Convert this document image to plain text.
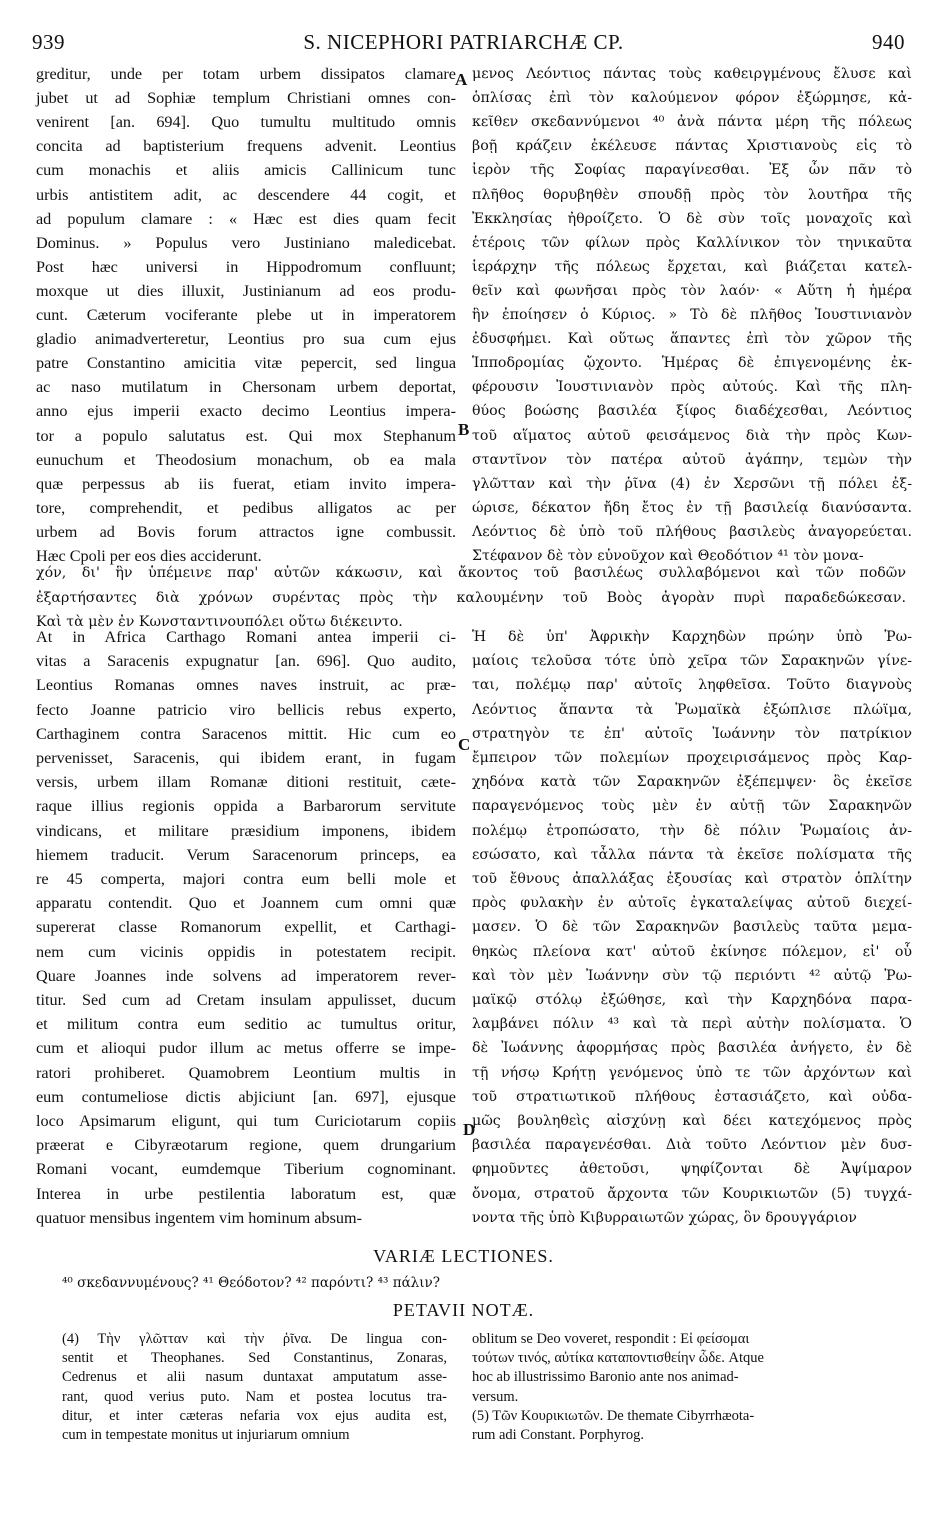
939	S. NICEPHORI PATRIARCHÆ CP.	940
greditur, unde per totam urbem dissipatos clamare
jubet ut ad Sophiæ templum Christiani omnes con-
venirent [an. 694]. Quo tumultu multitudo omnis
concita ad baptisterium frequens advenit. Leontius
cum monachis et aliis amicis Callinicum tunc
urbis antistitem adit, ac descendere 44 cogit, et
ad populum clamare : « Hæc est dies quam fecit
Dominus. » Populus vero Justiniano maledicebat.
Post hæc universi in Hippodromum confluunt;
moxque ut dies illuxit, Justinianum ad eos produ-
cunt. Cæterum vociferante plebe ut in imperatorem
gladio animadverteretur, Leontius pro sua cum ejus
patre Constantino amicitia vitæ pepercit, sed lingua
ac naso mutilatum in Chersonam urbem deportat,
anno ejus imperii exacto decimo Leontius impera-
tor a populo salutatus est. Qui mox Stephanum
eunuchum et Theodosium monachum, ob ea mala
quæ perpessus ab iis fuerat, etiam invito impera-
tore, comprehendit, et pedibus alligatos ac per
urbem ad Bovis forum attractos igne combussit.
Hæc Cpoli per eos dies acciderunt.
μενος Λεόντιος πάντας τοὺς καθειργμένους ἔλυσε καὶ
ὁπλίσας ἐπὶ τὸν καλούμενον φόρον ἐξώρμησε, κἀ-
κεῖθεν σκεδαννύμενοι ⁴⁰ ἀνὰ πάντα μέρη τῆς πόλεως
βοῇ κράζειν ἐκέλευσε πάντας Χριστιανοὺς εἰς τὸ
ἱερὸν τῆς Σοφίας παραγίνεσθαι. Ἐξ ὧν πᾶν τὸ
πλῆθος θορυβηθὲν σπουδῇ πρὸς τὸν λουτῆρα τῆς
Ἐκκλησίας ἠθροίζετο. Ὁ δὲ σὺν τοῖς μοναχοῖς καὶ
ἑτέροις τῶν φίλων πρὸς Καλλίνικον τὸν τηνικαῦτα
ἱεράρχην τῆς πόλεως ἔρχεται, καὶ βιάζεται κατελ-
θεῖν καὶ φωνῆσαι πρὸς τὸν λαόν· « Αὕτη ἡ ἡμέρα
ἣν ἐποίησεν ὁ Κύριος. » Τὸ δὲ πλῆθος Ἰουστινιανὸν
ἐδυσφήμει. Καὶ οὕτως ἅπαντες ἐπὶ τὸν χῶρον τῆς
Ἱπποδρομίας ᾤχοντο. Ἡμέρας δὲ ἐπιγενομένης ἐκ-
φέρουσιν Ἰουστινιανὸν πρὸς αὐτούς. Καὶ τῆς πλη-
θύος βοώσης βασιλέα ξίφος διαδέχεσθαι, Λεόντιος
τοῦ αἵματος αὐτοῦ φεισάμενος διὰ τὴν πρὸς Κων-
σταντῖνον τὸν πατέρα αὐτοῦ ἀγάπην, τεμὼν τὴν
γλῶτταν καὶ τὴν ῥῖνα (4) ἐν Χερσῶνι τῇ πόλει ἐξ-
ώρισε, δέκατον ἤδη ἔτος ἐν τῇ βασιλείᾳ διανύσαντα.
Λεόντιος δὲ ὑπὸ τοῦ πλήθους βασιλεὺς ἀναγορεύεται.
Στέφανον δὲ τὸν εὐνοῦχον καὶ Θεοδότιον ⁴¹ τὸν μονα-
χόν, δι' ἣν ὑπέμεινε παρ' αὐτῶν κάκωσιν, καὶ ἄκοντος τοῦ βασιλέως συλλαβόμενοι καὶ τῶν ποδῶν
ἐξαρτήσαντες διὰ χρόνων συρέντας πρὸς τὴν καλουμένην τοῦ Βοὸς ἀγορὰν πυρὶ παραδεδώκεσαν.
Καὶ τὰ μὲν ἐν Κωνσταντινουπόλει οὕτω διέκειντο.
At in Africa Carthago Romani antea imperii ci-
vitas a Saracenis expugnatur [an. 696]. Quo audito,
Leontius Romanas omnes naves instruit, ac præ-
fecto Joanne patricio viro bellicis rebus experto,
Carthaginem contra Saracenos mittit. Hic cum eo
pervenisset, Saracenis, qui ibidem erant, in fugam
versis, urbem illam Romanæ ditioni restituit, cæte-
raque illius regionis oppida a Barbarorum servitute
vindicans, et militare præsidium imponens, ibidem
hiemem traducit. Verum Saracenorum princeps, ea
re 45 comperta, majori contra eum belli mole et
apparatu contendit. Quo et Joannem cum omni quæ
supererat classe Romanorum expellit, et Carthagi-
nem cum vicinis oppidis in potestatem recipit.
Quare Joannes inde solvens ad imperatorem rever-
titur. Sed cum ad Cretam insulam appulisset, ducum
et militum contra eum seditio ac tumultus oritur,
cum et alioqui pudor illum ac metus offerre se impe-
ratori prohiberet. Quamobrem Leontium multis in
eum contumeliose dictis abjiciunt [an. 697], ejusque
loco Apsimarum eligunt, qui tum Curiciotarum copiis
præerat e Cibyræotarum regione, quem drungarium
Romani vocant, eumdemque Tiberium cognominant.
Interea in urbe pestilentia laboratum est, quæ
quatuor mensibus ingentem vim hominum absum-
Ἡ δὲ ὑπ' Ἀφρικὴν Καρχηδὼν πρώην ὑπὸ Ῥω-
μαίοις τελοῦσα τότε ὑπὸ χεῖρα τῶν Σαρακηνῶν γίνε-
ται, πολέμῳ παρ' αὐτοῖς ληφθεῖσα. Τοῦτο διαγνοὺς
Λεόντιος ἅπαντα τὰ Ῥωμαϊκὰ ἐξώπλισε πλώϊμα,
στρατηγὸν τε ἐπ' αὐτοῖς Ἰωάννην τὸν πατρίκιον
ἔμπειρον τῶν πολεμίων προχειρισάμενος πρὸς Καρ-
χηδόνα κατὰ τῶν Σαρακηνῶν ἐξέπεμψεν· ὃς ἐκεῖσε
παραγενόμενος τοὺς μὲν ἐν αὐτῇ τῶν Σαρακηνῶν
πολέμῳ ἐτροπώσατο, τὴν δὲ πόλιν Ῥωμαίοις ἀν-
εσώσατο, καὶ τἆλλα πάντα τὰ ἐκεῖσε πολίσματα τῆς
τοῦ ἔθνους ἀπαλλάξας ἐξουσίας καὶ στρατὸν ὁπλίτην
πρὸς φυλακὴν ἐν αὐτοῖς ἐγκαταλείψας αὐτοῦ διεχεί-
μασεν. Ὁ δὲ τῶν Σαρακηνῶν βασιλεὺς ταῦτα μεμα-
θηκὼς πλείονα κατ' αὐτοῦ ἐκίνησε πόλεμον, εἰ' οὗ
καὶ τὸν μὲν Ἰωάννην σὺν τῷ περιόντι ⁴² αὐτῷ Ῥω-
μαϊκῷ στόλῳ ἐξώθησε, καὶ τὴν Καρχηδόνα παρα-
λαμβάνει πόλιν ⁴³ καὶ τὰ περὶ αὐτὴν πολίσματα. Ὁ
δὲ Ἰωάννης ἀφορμήσας πρὸς βασιλέα ἀνήγετο, ἐν δὲ
τῇ νήσῳ Κρήτῃ γενόμενος ὑπὸ τε τῶν ἀρχόντων καὶ
τοῦ στρατιωτικοῦ πλήθους ἐστασιάζετο, καὶ οὐδα-
μῶς βουληθεὶς αἰσχύνῃ καὶ δέει κατεχόμενος πρὸς
βασιλέα παραγενέσθαι. Διὰ τοῦτο Λεόντιον μὲν δυσ-
φημοῦντες ἀθετοῦσι, ψηφίζονται δὲ Ἀψίμαρον
ὄνομα, στρατοῦ ἄρχοντα τῶν Κουρικιωτῶν (5) τυγχά-
νοντα τῆς ὑπὸ Κιβυρραιωτῶν χώρας, ὃν δρουγγάριον
A
B
C
D
VARIÆ LECTIONES.
⁴⁰ σκεδαννυμένους? ⁴¹ Θεόδοτον? ⁴² παρόντι? ⁴³ πάλιν?
PETAVII NOTÆ.
(4) Τὴν γλῶτταν καὶ τὴν ῥῖνα. De lingua con-
sentit et Theophanes. Sed Constantinus, Zonaras,
Cedrenus et alii nasum duntaxat amputatum asse-
rant, quod verius puto. Nam et postea locutus tra-
ditur, et inter cæteras nefaria vox ejus audita est,
cum in tempestate monitus ut injuriarum omnium
oblitum se Deo voveret, respondit : Εἰ φείσομαι
τούτων τινός, αὐτίκα καταποντισθείην ὧδε. Atque
hoc ab illustrissimo Baronio ante nos animad-
versum.
(5) Τῶν Κουρικιωτῶν. De themate Cibyrrhæota-
rum adi Constant. Porphyrog.
